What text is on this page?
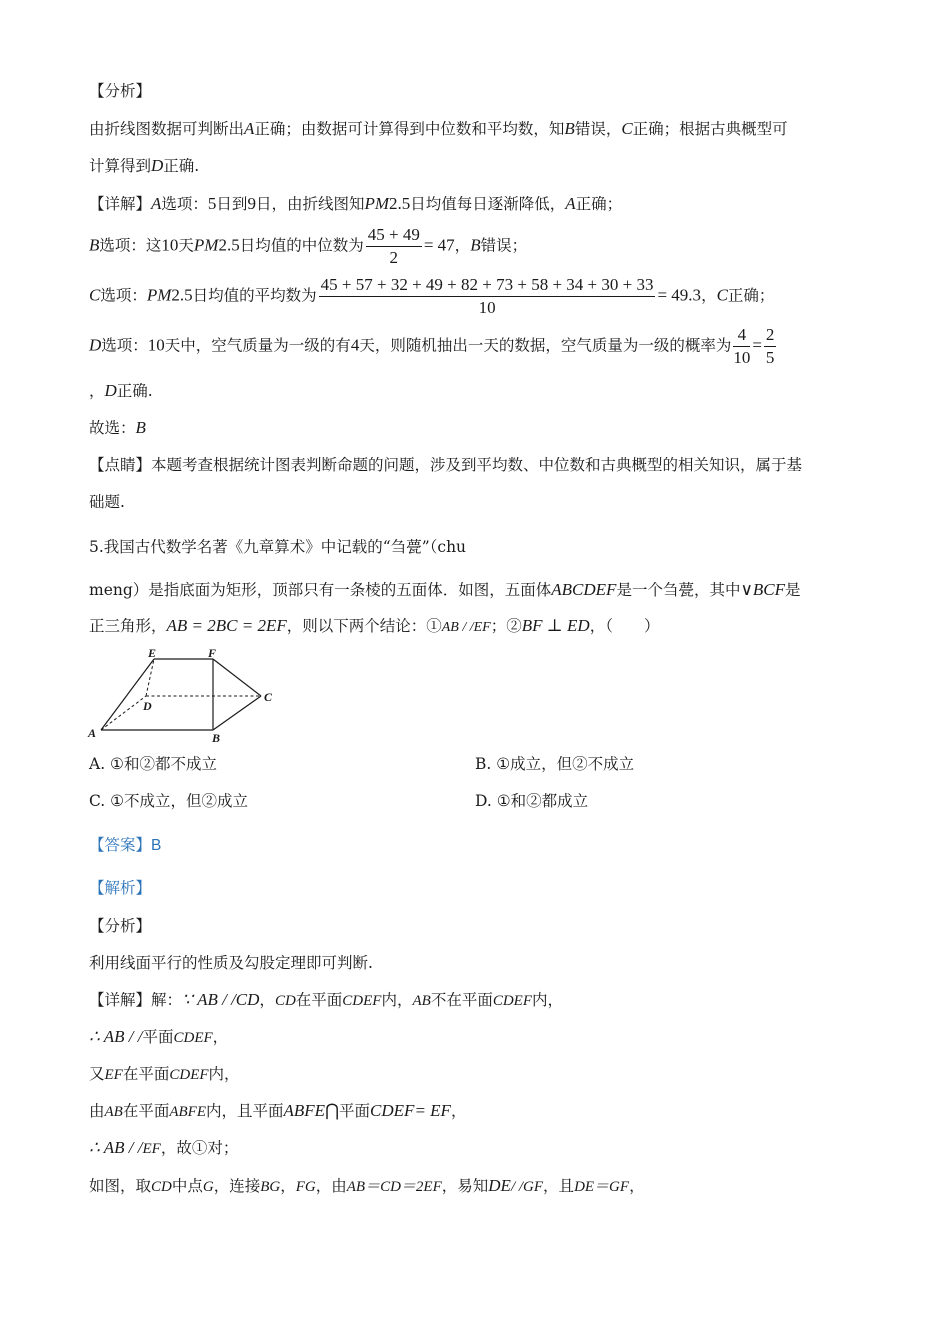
【分析】
由折线图数据可判断出A正确；由数据可计算得到中位数和平均数，知B错误，C正确；根据古典概型可
计算得到D正确.
【详解】A选项：5日到9日，由折线图知PM2.5日均值每日逐渐降低，A正确；
B选项：这10天PM2.5日均值的中位数为 $\frac{45 + 49}{2} = 47$，B错误；
C选项：PM2.5日均值的平均数为 $\frac{45 + 57 + 32 + 49 + 82 + 73 + 58 + 34 + 30 + 33}{10} = 49.3$，C正确；
D选项：10天中，空气质量为一级的有4天，则随机抽出一天的数据，空气质量为一级的概率为 $\frac{4}{10} = \frac{2}{5}$
，D正确.
故选：B
【点睛】本题考查根据统计图表判断命题的问题，涉及到平均数、中位数和古典概型的相关知识，属于基
础题.
5.我国古代数学名著《九章算术》中记载的“刍甍”（chu
meng）是指底面为矩形，顶部只有一条棱的五面体．如图，五面体ABCDEF是一个刍甍，其中∨BCF是
正三角形，AB = 2BC = 2EF，则以下两个结论：①AB / /EF；②BF ⊥ ED，（　　）
E	F
D
C
A	B
A. ①和②都不成立	B. ①成立，但②不成立
C. ①不成立，但②成立	D. ①和②都成立
【答案】B
【解析】
【分析】
利用线面平行的性质及勾股定理即可判断.
【详解】解：∵ AB / /CD，CD在平面CDEF内，AB不在平面CDEF内，
∴ AB / /平面CDEF，
又EF在平面CDEF内，
由AB在平面ABFE内，且平面ABFE⋂平面CDEF= EF，
∴ AB / /EF，故①对；
如图，取CD中点G，连接BG，FG，由AB＝CD＝2EF，易知DE/ /GF，且DE＝GF，
